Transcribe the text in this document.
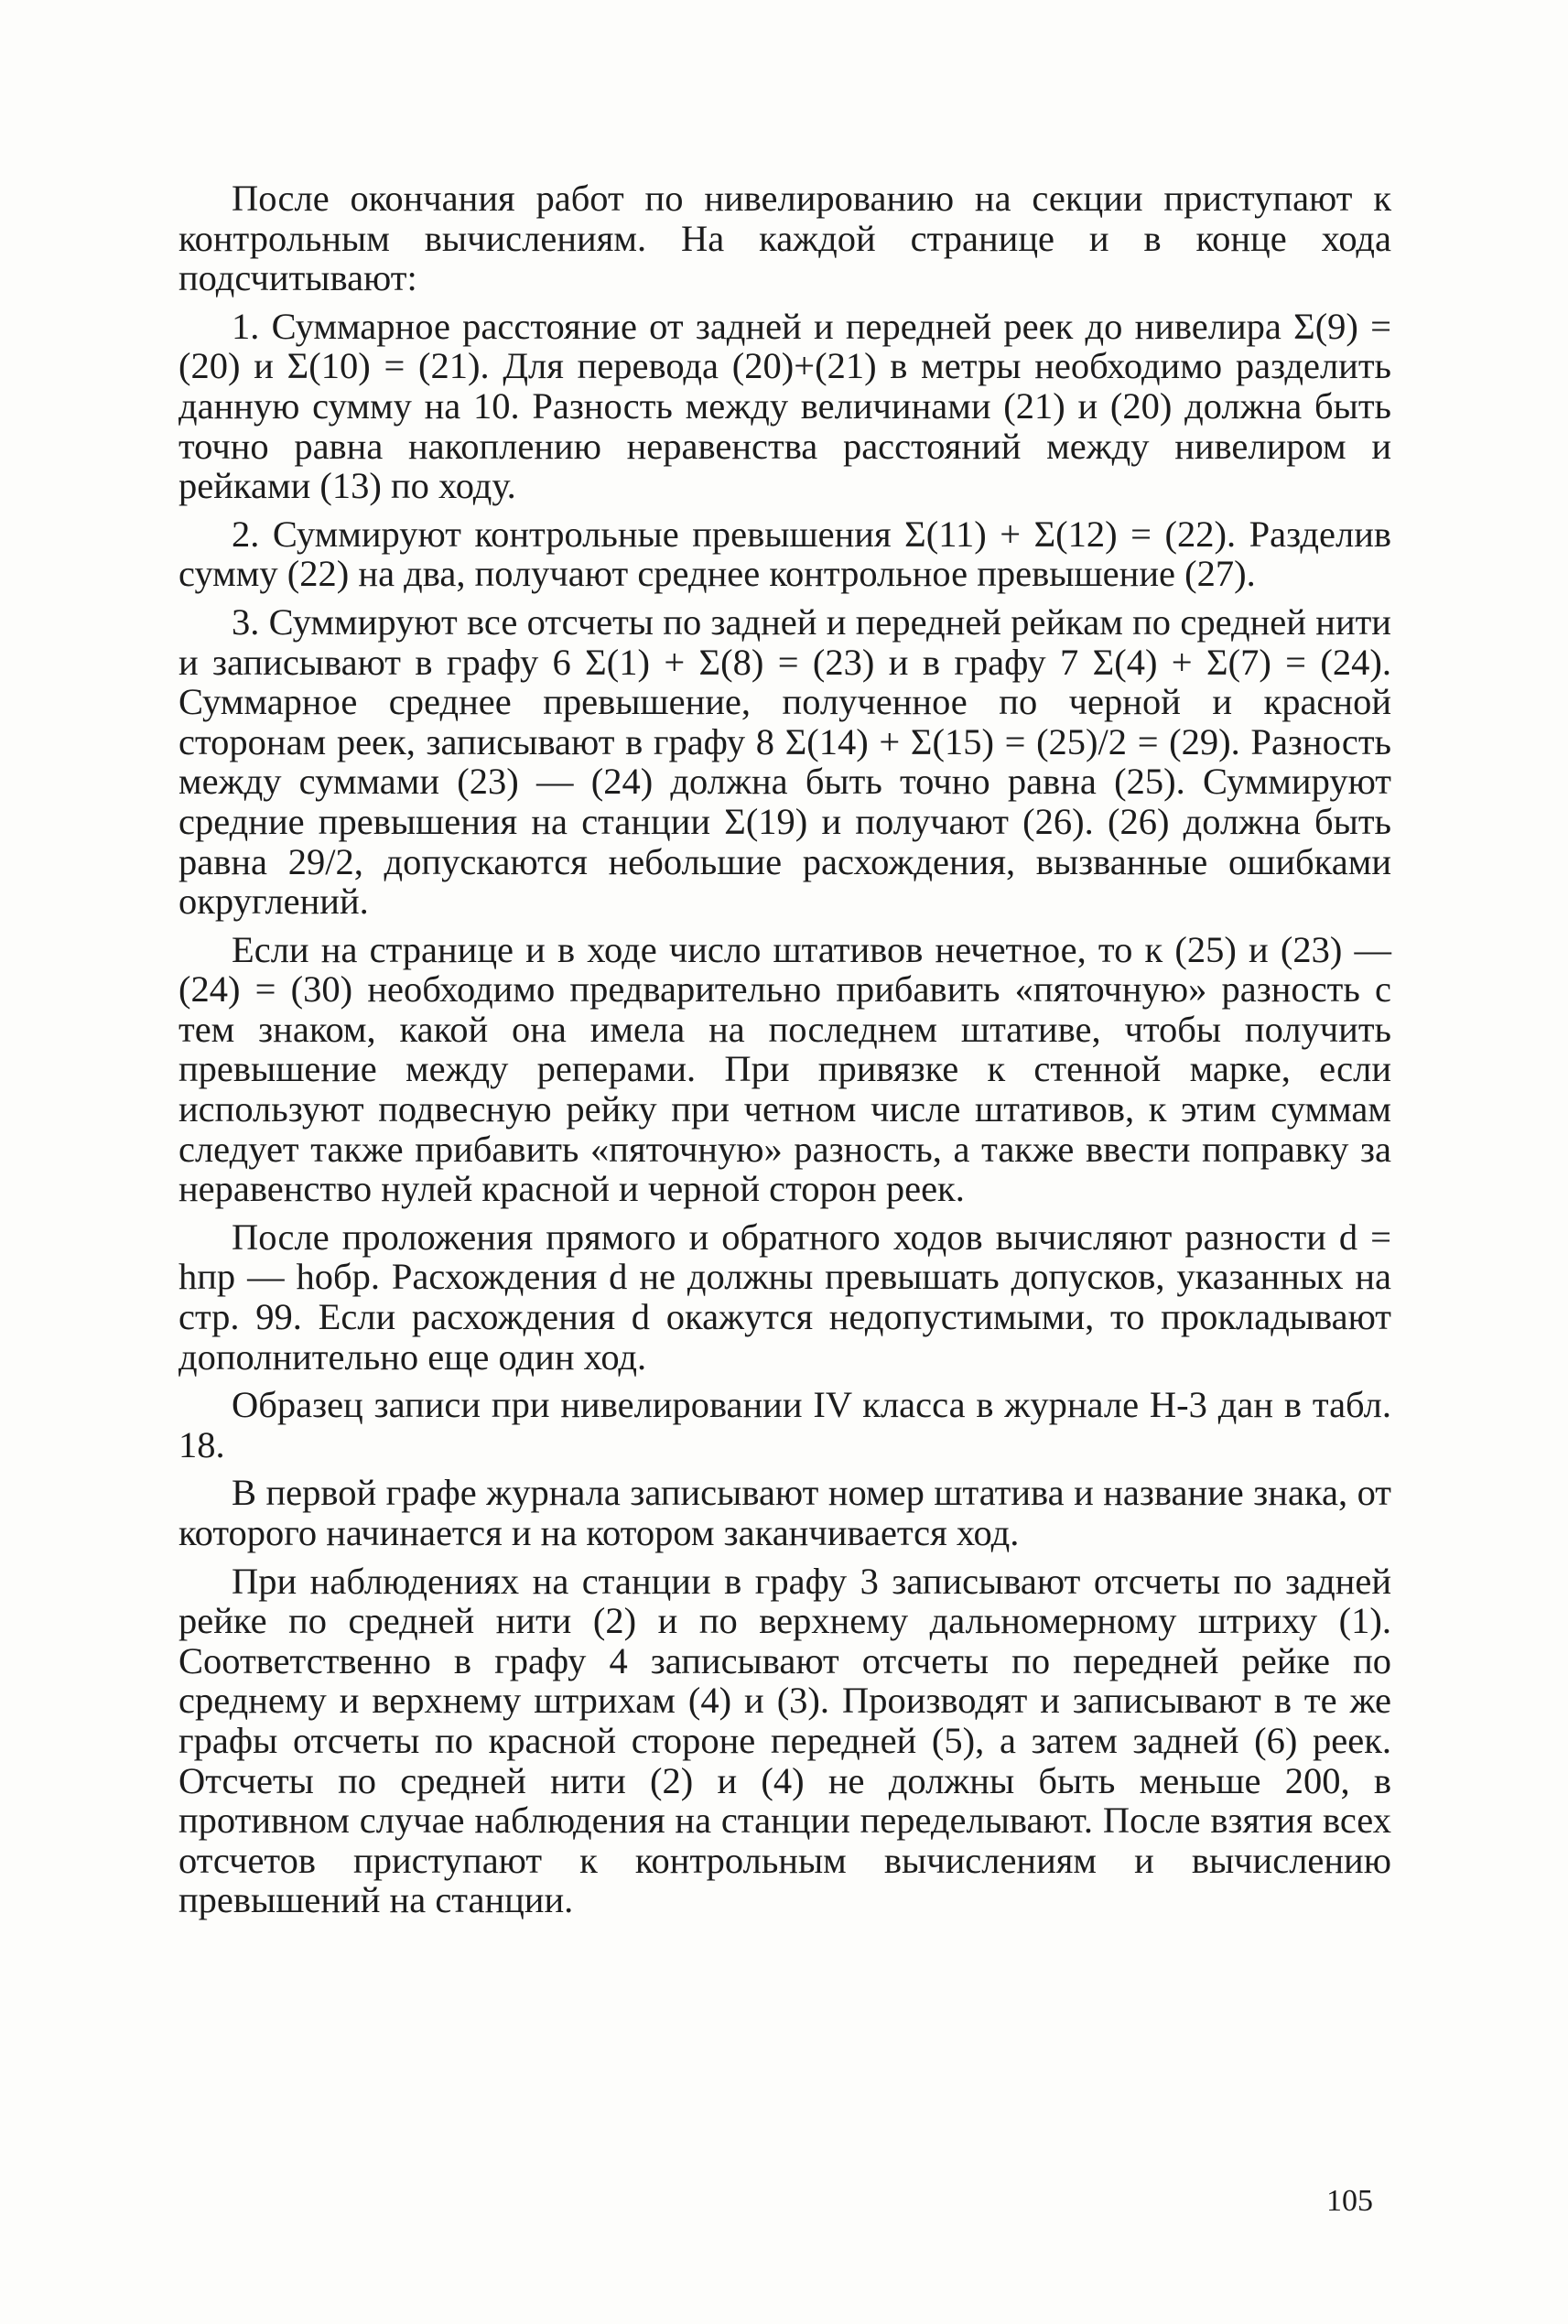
После окончания работ по нивелированию на секции приступают к контрольным вычислениям. На каждой странице и в конце хода подсчитывают:

1. Суммарное расстояние от задней и передней реек до нивелира Σ(9) = (20) и Σ(10) = (21). Для перевода (20)+(21) в метры необходимо разделить данную сумму на 10. Разность между величинами (21) и (20) должна быть точно равна накоплению неравенства расстояний между нивелиром и рейками (13) по ходу.

2. Суммируют контрольные превышения Σ(11) + Σ(12) = (22). Разделив сумму (22) на два, получают среднее контрольное превышение (27).

3. Суммируют все отсчеты по задней и передней рейкам по средней нити и записывают в графу 6 Σ(1) + Σ(8) = (23) и в графу 7 Σ(4) + Σ(7) = (24). Суммарное среднее превышение, полученное по черной и красной сторонам реек, записывают в графу 8 Σ(14) + Σ(15) = (25)/2 = (29). Разность между суммами (23) — (24) должна быть точно равна (25). Суммируют средние превышения на станции Σ(19) и получают (26). (26) должна быть равна 29/2, допускаются небольшие расхождения, вызванные ошибками округлений.

Если на странице и в ходе число штативов нечетное, то к (25) и (23) — (24) = (30) необходимо предварительно прибавить «пяточную» разность с тем знаком, какой она имела на последнем штативе, чтобы получить превышение между реперами. При привязке к стенной марке, если используют подвесную рейку при четном числе штативов, к этим суммам следует также прибавить «пяточную» разность, а также ввести поправку за неравенство нулей красной и черной сторон реек.

После проложения прямого и обратного ходов вычисляют разности d = hпр — hобр. Расхождения d не должны превышать допусков, указанных на стр. 99. Если расхождения d окажутся недопустимыми, то прокладывают дополнительно еще один ход.

Образец записи при нивелировании IV класса в журнале Н-3 дан в табл. 18.

В первой графе журнала записывают номер штатива и название знака, от которого начинается и на котором заканчивается ход.

При наблюдениях на станции в графу 3 записывают отсчеты по задней рейке по средней нити (2) и по верхнему дальномерному штриху (1). Соответственно в графу 4 записывают отсчеты по передней рейке по среднему и верхнему штрихам (4) и (3). Производят и записывают в те же графы отсчеты по красной стороне передней (5), а затем задней (6) реек. Отсчеты по средней нити (2) и (4) не должны быть меньше 200, в противном случае наблюдения на станции переделывают. После взятия всех отсчетов приступают к контрольным вычислениям и вычислению превышений на станции.

105
